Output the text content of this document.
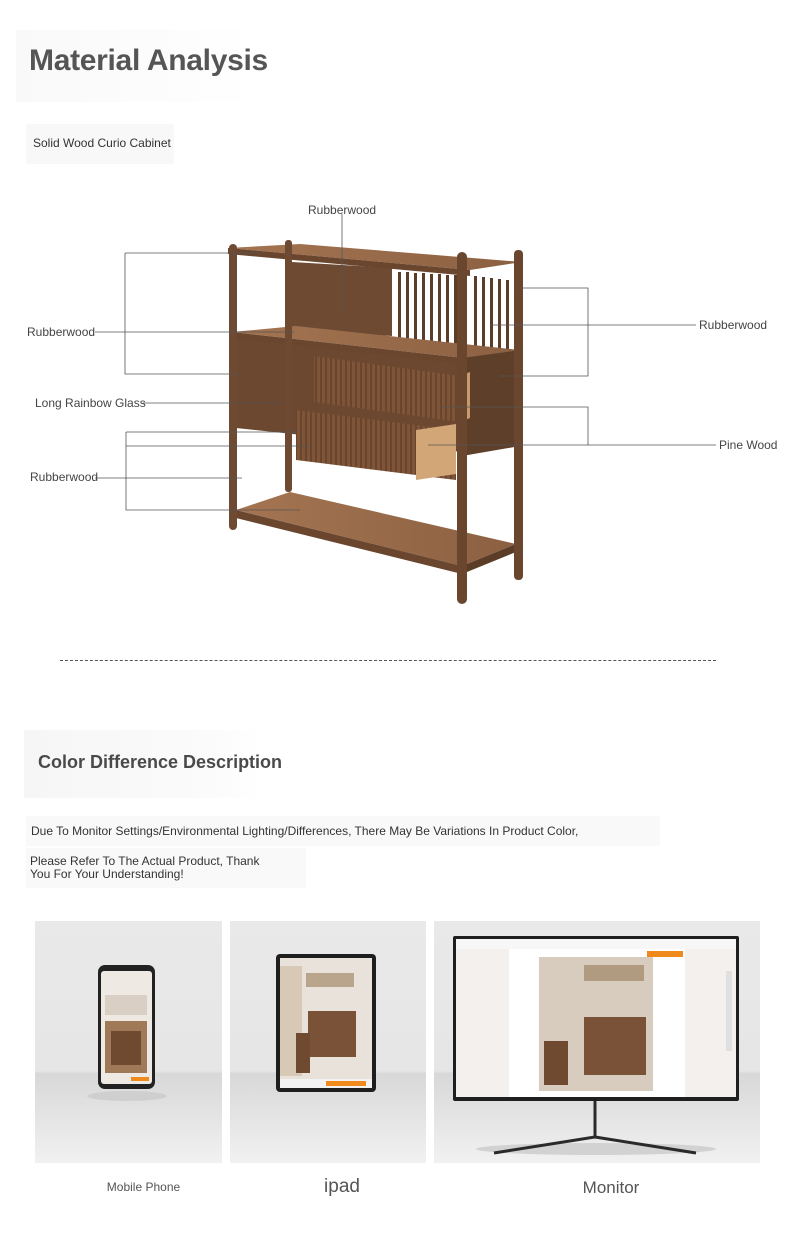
Material Analysis
Solid Wood Curio Cabinet
Rubberwood
Rubberwood	Rubberwood
Long Rainbow Glass
Pine Wood
Rubberwood
Color Difference Description
Due To Monitor Settings/Environmental Lighting/Differences, There May Be Variations In Product Color,
Please Refer To The Actual Product, Thank You For Your Understanding!
Mobile Phone	ipad	Monitor
